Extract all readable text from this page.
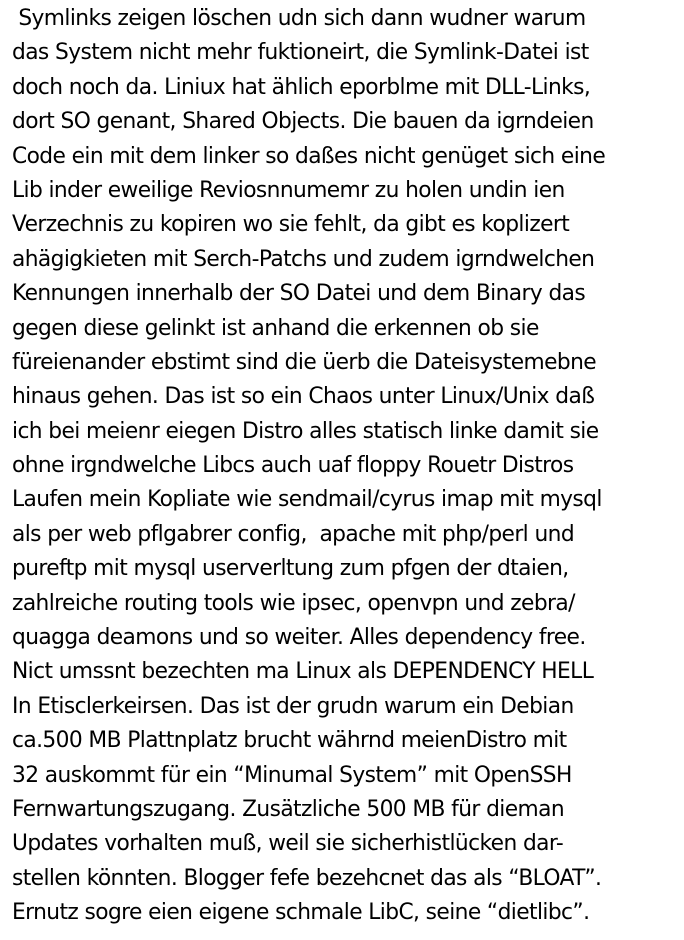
Symlinks zeigen löschen udn sich dann wudner warum
das System nicht mehr fuktioneirt, die Symlink-Datei ist
doch noch da. Liniux hat ählich eporblme mit DLL-Links,
dort SO genant, Shared Objects. Die bauen da igrndeien
Code ein mit dem linker so daßes nicht genüget sich eine
Lib inder eweilige Reviosnnumemr zu holen undin ien
Verzechnis zu kopiren wo sie fehlt, da gibt es koplizert
ahägigkieten mit Serch-Patchs und zudem igrndwelchen
Kennungen innerhalb der SO Datei und dem Binary das
gegen diese gelinkt ist anhand die erkennen ob sie
füreienander ebstimt sind die üerb die Dateisystemebne
hinaus gehen. Das ist so ein Chaos unter Linux/Unix daß
ich bei meienr eiegen Distro alles statisch linke damit sie
ohne irgndwelche Libcs auch uaf floppy Rouetr Distros
Laufen mein Kopliate wie sendmail/cyrus imap mit mysql
als per web pflgabrer config,  apache mit php/perl und
pureftp mit mysql userverltung zum pfgen der dtaien,
zahlreiche routing tools wie ipsec, openvpn und zebra/
quagga deamons und so weiter. Alles dependency free.
Nict umssnt bezechten ma Linux als DEPENDENCY HELL
In Etisclerkeirsen. Das ist der grudn warum ein Debian
ca.500 MB Plattnplatz brucht währnd meienDistro mit
32 auskommt für ein “Minumal System” mit OpenSSH
Fernwartungszugang. Zusätzliche 500 MB für dieman
Updates vorhalten muß, weil sie sicherhistlücken dar-
stellen könnten. Blogger fefe bezehcnet das als “BLOAT”.
Ernutz sogre eien eigene schmale LibC, seine “dietlibc”.
